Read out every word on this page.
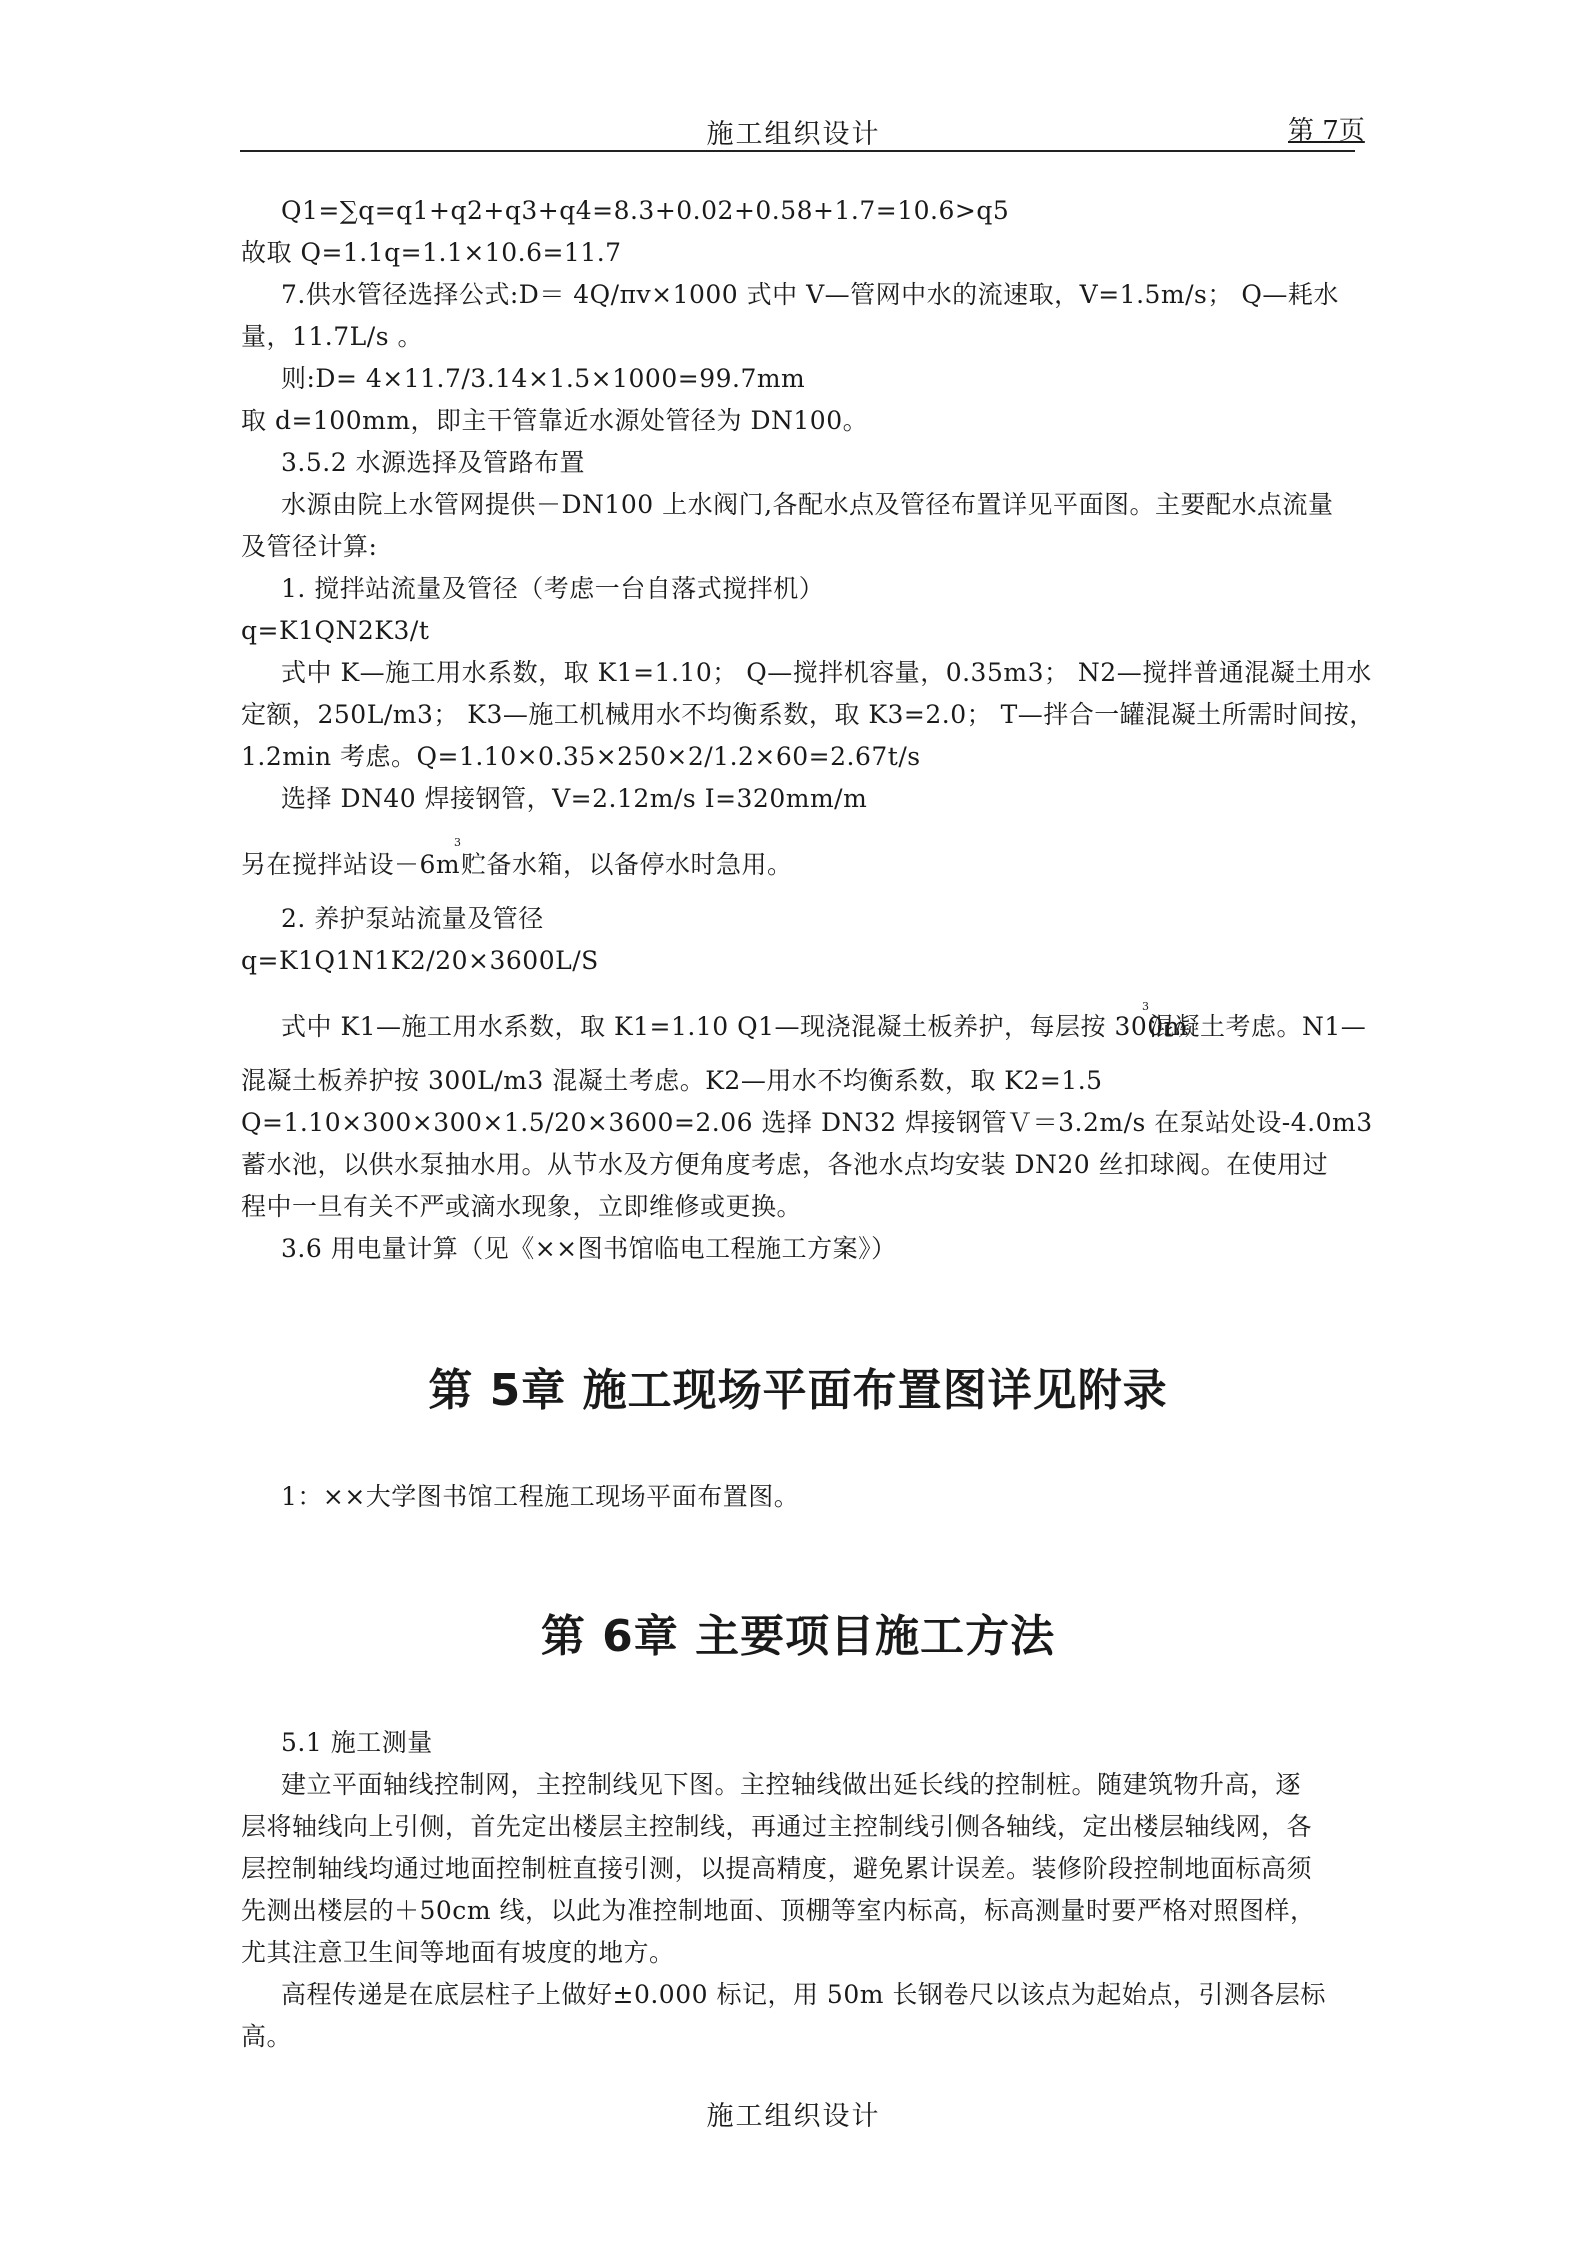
施工组织设计	第 7页
Q1=∑q=q1+q2+q3+q4=8.3+0.02+0.58+1.7=10.6>q5
故取 Q=1.1q=1.1×10.6=11.7
7.供水管径选择公式:D＝ 4Q/πv×1000 式中 V—管网中水的流速取，V=1.5m/s； Q—耗水
量，11.7L/s 。
则:D= 4×11.7/3.14×1.5×1000=99.7mm
取 d=100mm，即主干管靠近水源处管径为 DN100。
3.5.2 水源选择及管路布置
水源由院上水管网提供－DN100 上水阀门,各配水点及管径布置详见平面图。主要配水点流量
及管径计算:
1. 搅拌站流量及管径（考虑一台自落式搅拌机）
q=K1QN2K3/t
式中 K—施工用水系数，取 K1=1.10； Q—搅拌机容量，0.35m3； N2—搅拌普通混凝土用水
定额，250L/m3； K3—施工机械用水不均衡系数，取 K3=2.0； T—拌合一罐混凝土所需时间按，
1.2min 考虑。Q=1.10×0.35×250×2/1.2×60=2.67t/s
选择 DN40 焊接钢管，V=2.12m/s I=320mm/m
另在搅拌站设－6m
3
贮备水箱，以备停水时急用。
2. 养护泵站流量及管径
q=K1Q1N1K2/20×3600L/S
式中 K1—施工用水系数，取 K1=1.10 Q1—现浇混凝土板养护，每层按 300m
3
混凝土考虑。N1—
混凝土板养护按 300L/m3 混凝土考虑。K2—用水不均衡系数，取 K2=1.5
Q=1.10×300×300×1.5/20×3600=2.06 选择 DN32 焊接钢管Ｖ＝3.2m/s 在泵站处设-4.0m3
蓄水池，以供水泵抽水用。从节水及方便角度考虑，各池水点均安装 DN20 丝扣球阀。在使用过
程中一旦有关不严或滴水现象，立即维修或更换。
3.6 用电量计算（见《××图书馆临电工程施工方案》）
第 5章 施工现场平面布置图详见附录
1：××大学图书馆工程施工现场平面布置图。
第 6章 主要项目施工方法
5.1 施工测量
建立平面轴线控制网，主控制线见下图。主控轴线做出延长线的控制桩。随建筑物升高，逐
层将轴线向上引侧，首先定出楼层主控制线，再通过主控制线引侧各轴线，定出楼层轴线网，各
层控制轴线均通过地面控制桩直接引测，以提高精度，避免累计误差。装修阶段控制地面标高须
先测出楼层的＋50cm 线，以此为准控制地面、顶棚等室内标高，标高测量时要严格对照图样，
尤其注意卫生间等地面有坡度的地方。
高程传递是在底层柱子上做好±0.000 标记，用 50m 长钢卷尺以该点为起始点，引测各层标
高。
施工组织设计
